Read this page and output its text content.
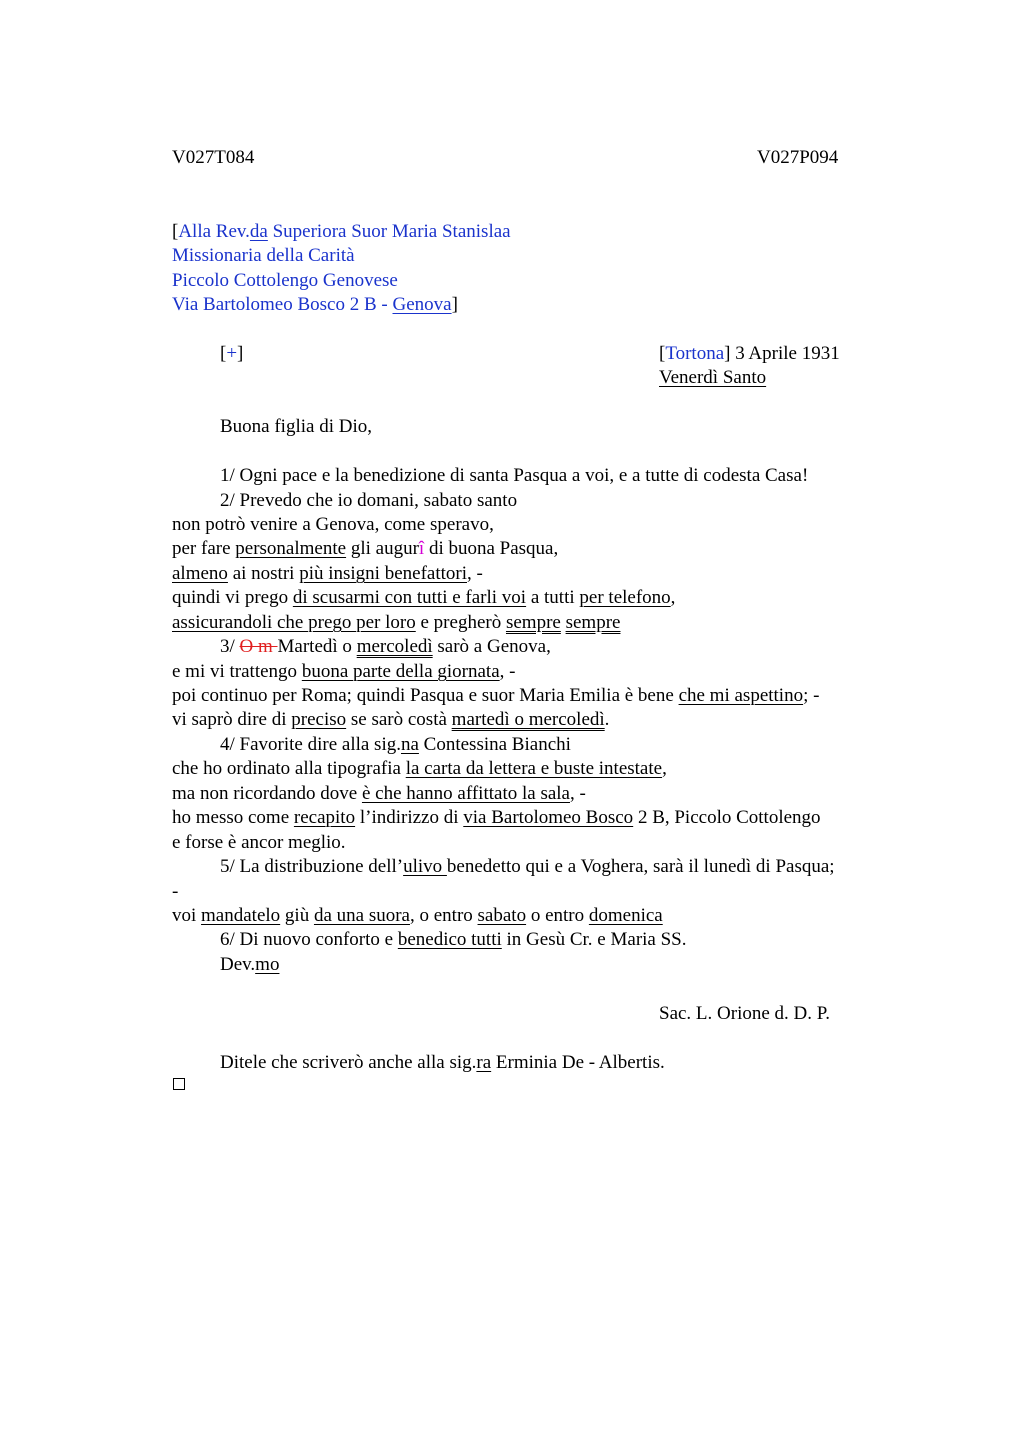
V027T084	V027P094
[Alla Rev.da Superiora Suor Maria Stanislaa
Missionaria della Carità
Piccolo Cottolengo Genovese
Via Bartolomeo Bosco 2 B - Genova]
[+]	[Tortona] 3 Aprile 1931
Venerdì Santo
Buona figlia di Dio,
1/ Ogni pace e la benedizione di santa Pasqua a voi, e a tutte di codesta Casa!
2/ Prevedo che io domani, sabato santo
non potrò venire a Genova, come speravo,
per fare personalmente gli augurî di buona Pasqua,
almeno ai nostri più insigni benefattori, -
quindi vi prego di scusarmi con tutti e farli voi a tutti per telefono,
assicurandoli che prego per loro e pregherò sempre sempre
3/ O m Martedì o mercoledì sarò a Genova,
e mi vi trattengo buona parte della giornata, -
poi continuo per Roma; quindi Pasqua e suor Maria Emilia è bene che mi aspettino; -
vi saprò dire di preciso se sarò costà martedì o mercoledì.
4/ Favorite dire alla sig.na Contessina Bianchi
che ho ordinato alla tipografia la carta da lettera e buste intestate,
ma non ricordando dove è che hanno affittato la sala, -
ho messo come recapito l’indirizzo di via Bartolomeo Bosco 2 B, Piccolo Cottolengo
e forse è ancor meglio.
5/ La distribuzione dell’ulivo benedetto qui e a Voghera, sarà il lunedì di Pasqua;
-
voi mandatelo giù da una suora, o entro sabato o entro domenica
6/ Di nuovo conforto e benedico tutti in Gesù Cr. e Maria SS.
Dev.mo
Sac. L. Orione d. D. P.
Ditele che scriverò anche alla sig.ra Erminia De - Albertis.
